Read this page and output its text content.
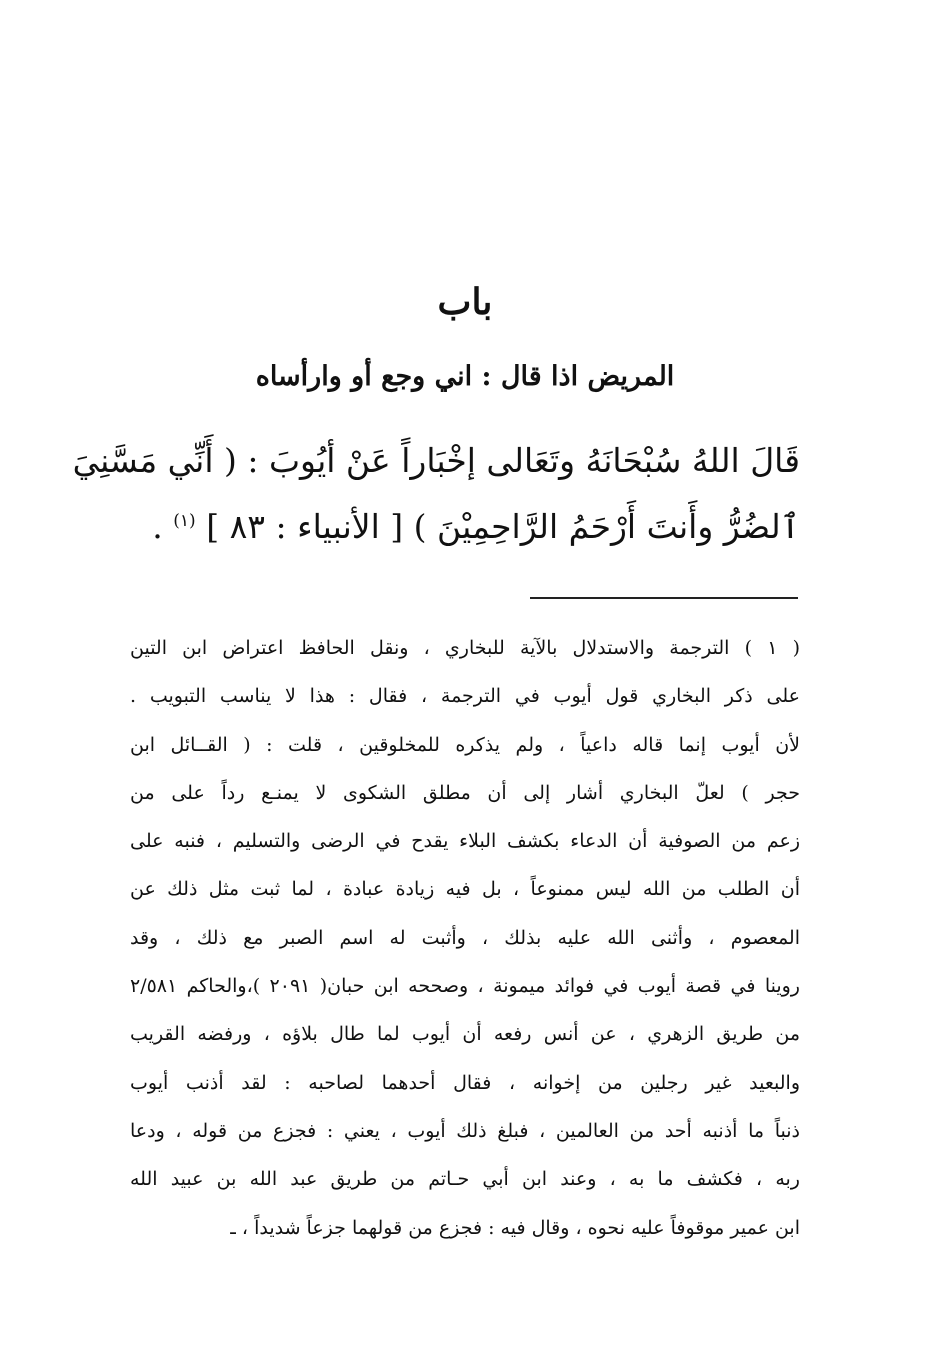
باب
المريض اذا قال : اني وجع أو وارأساه
قَالَ اللهُ سُبْحَانَهُ وتَعَالى إخْبَاراً عَنْ أيُوبَ : ( أَنِّي مَسَّنِيَ ٱلضُرُّ وأَنتَ أَرْحَمُ الرَّاحِمِيْنَ ) [ الأنبياء : ٨٣ ] $^{(١)}$ .
( ١ ) الترجمة والاستدلال بالآية للبخاري ، ونقل الحافظ اعتراض ابن التين
على ذكر البخاري قول أيوب في الترجمة ، فقال : هذا لا يناسب التبويب .
لأن أيوب إنما قاله داعياً ، ولم يذكره للمخلوقين ، قلت : ( القــائل ابن
حجر ) لعلّ البخاري أشار إلى أن مطلق الشكوى لا يمنـع رداً على من
زعم من الصوفية أن الدعاء بكشف البلاء يقدح في الرضى والتسليم ، فنبه على
أن الطلب من الله ليس ممنوعاً ، بل فيه زيادة عبادة ، لما ثبت مثل ذلك عن
المعصوم ، وأثنى الله عليه بذلك ، وأثبت له اسم الصبر مع ذلك ، وقد
روينا في قصة أيوب في فوائد ميمونة ، وصححه ابن حبان( ٢٠٩١ )،والحاكم ٢/٥٨١
من طريق الزهري ، عن أنس رفعه أن أيوب لما طال بلاؤه ، ورفضه القريب
والبعيد غير رجلين من إخوانه ، فقال أحدهما لصاحبه : لقد أذنب أيوب
ذنباً ما أذنبه أحد من العالمين ، فبلغ ذلك أيوب ، يعني : فجزع من قوله ، ودعا
ربه ، فكشف ما به ، وعند ابن أبي حـاتم من طريق عبد الله بن عبيد الله
ابن عمير موقوفاً عليه نحوه ، وقال فيه : فجزع من قولهما جزعاً شديداً ، ـ
